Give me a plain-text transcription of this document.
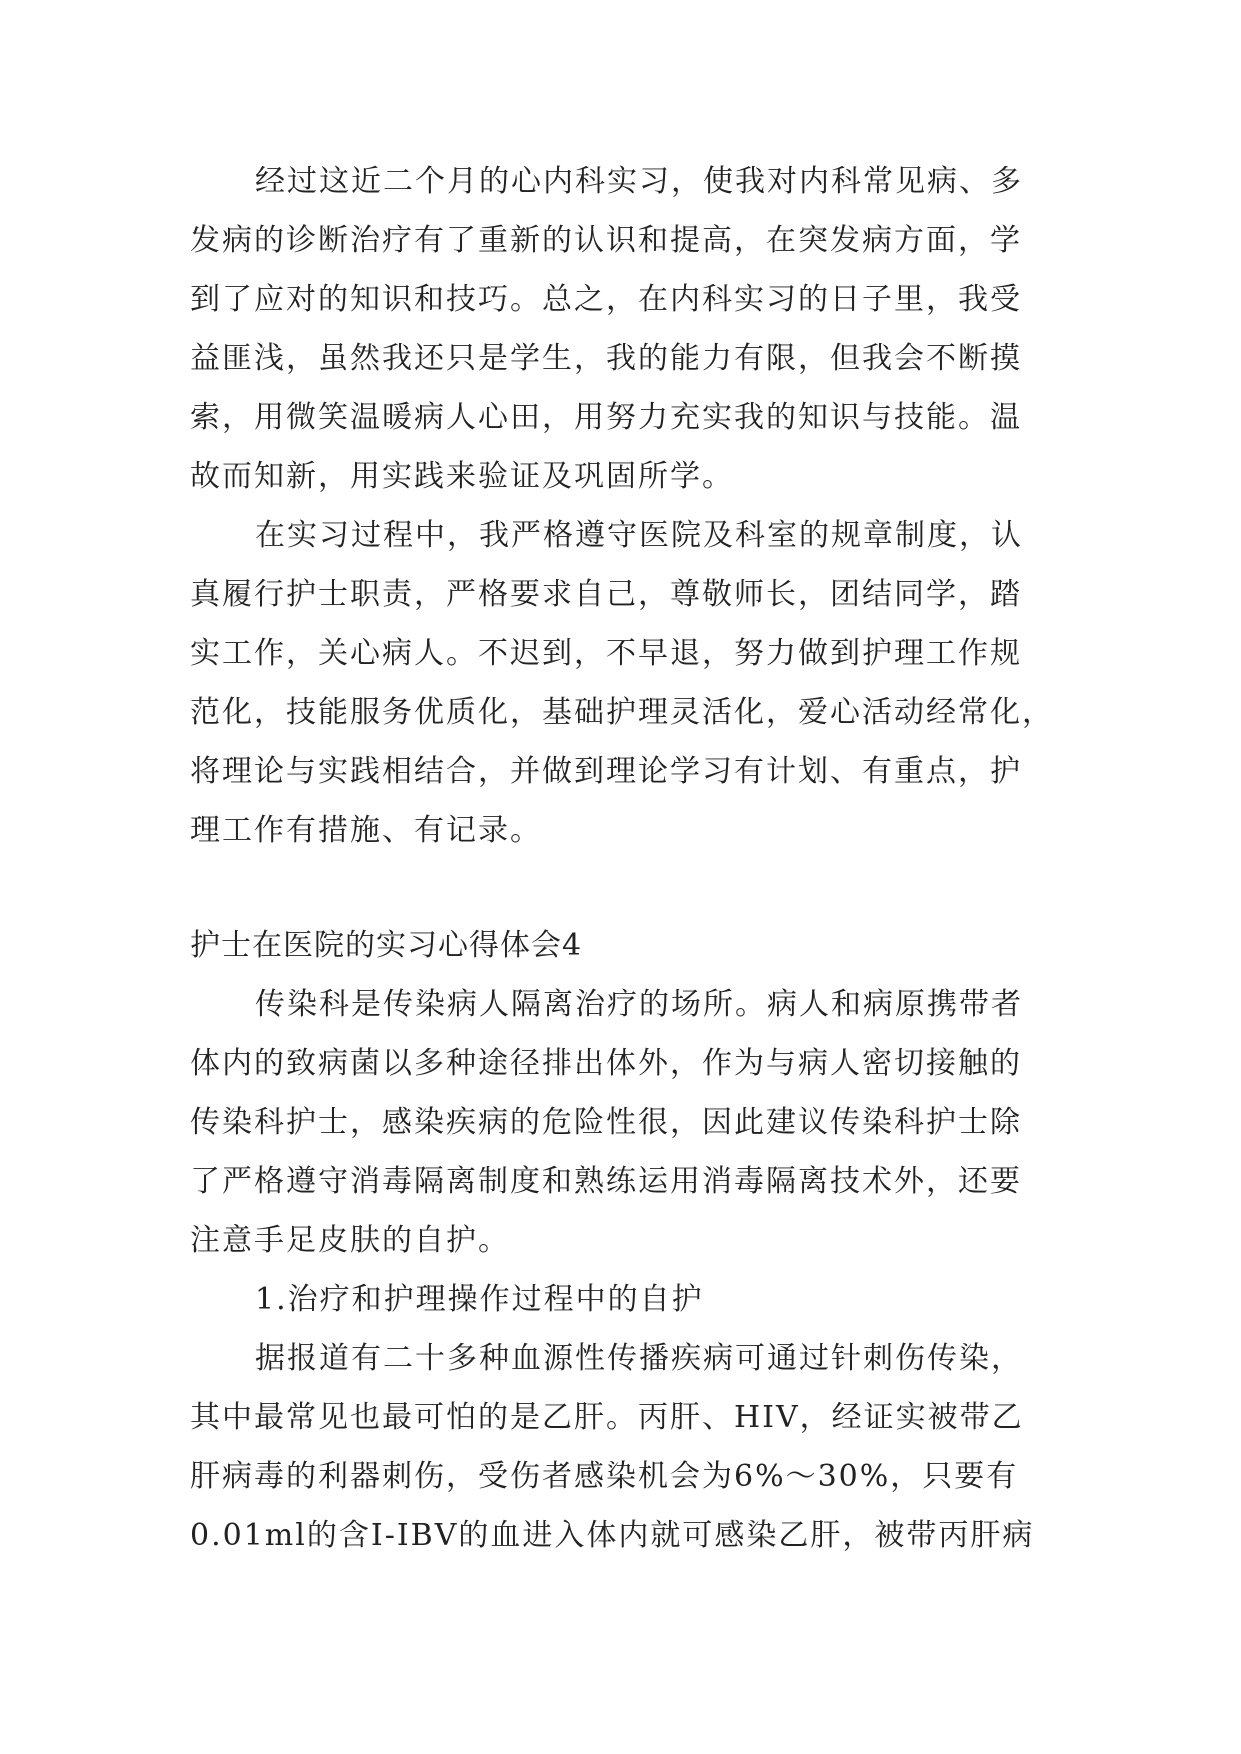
经过这近二个月的心内科实习，使我对内科常见病、多
发病的诊断治疗有了重新的认识和提高，在突发病方面，学
到了应对的知识和技巧。总之，在内科实习的日子里，我受
益匪浅，虽然我还只是学生，我的能力有限，但我会不断摸
索，用微笑温暖病人心田，用努力充实我的知识与技能。温
故而知新，用实践来验证及巩固所学。
在实习过程中，我严格遵守医院及科室的规章制度，认
真履行护士职责，严格要求自己，尊敬师长，团结同学，踏
实工作，关心病人。不迟到，不早退，努力做到护理工作规
范化，技能服务优质化，基础护理灵活化，爱心活动经常化，
将理论与实践相结合，并做到理论学习有计划、有重点，护
理工作有措施、有记录。
护士在医院的实习心得体会4
传染科是传染病人隔离治疗的场所。病人和病原携带者
体内的致病菌以多种途径排出体外，作为与病人密切接触的
传染科护士，感染疾病的危险性很，因此建议传染科护士除
了严格遵守消毒隔离制度和熟练运用消毒隔离技术外，还要
注意手足皮肤的自护。
1.治疗和护理操作过程中的自护
据报道有二十多种血源性传播疾病可通过针刺伤传染，
其中最常见也最可怕的是乙肝。丙肝、HIV，经证实被带乙
肝病毒的利器刺伤，受伤者感染机会为6%～30%，只要有
0.01ml的含I-IBV的血进入体内就可感染乙肝，被带丙肝病
